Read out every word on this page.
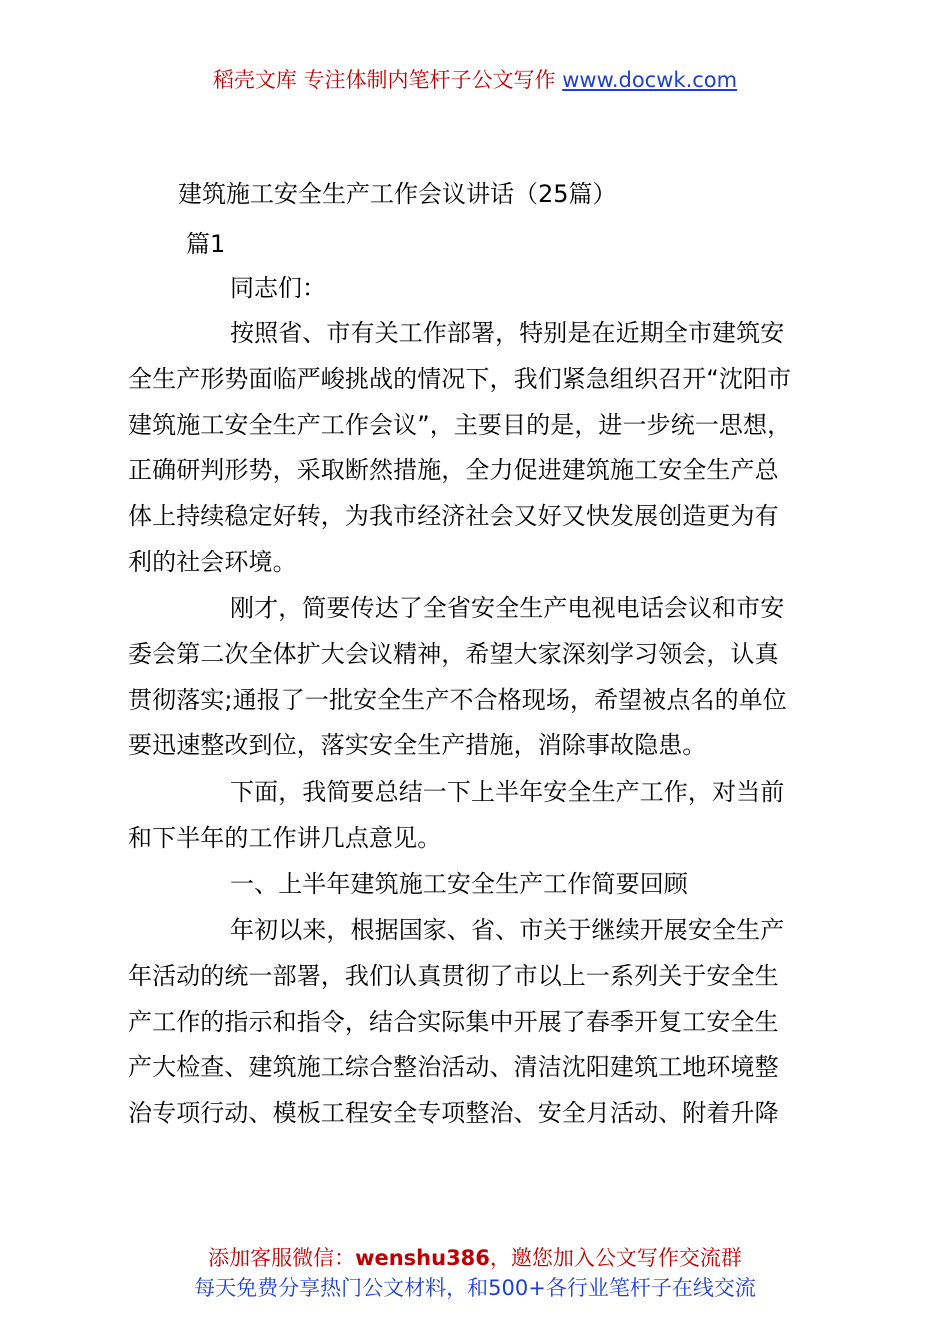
稻壳文库 专注体制内笔杆子公文写作 www.docwk.com
建筑施工安全生产工作会议讲话（25篇）
篇1
同志们：

按照省、市有关工作部署，特别是在近期全市建筑安
全生产形势面临严峻挑战的情况下，我们紧急组织召开“沈阳市
建筑施工安全生产工作会议”，主要目的是，进一步统一思想，
正确研判形势，采取断然措施，全力促进建筑施工安全生产总
体上持续稳定好转，为我市经济社会又好又快发展创造更为有
利的社会环境。

刚才，简要传达了全省安全生产电视电话会议和市安
委会第二次全体扩大会议精神，希望大家深刻学习领会，认真
贯彻落实;通报了一批安全生产不合格现场，希望被点名的单位
要迅速整改到位，落实安全生产措施，消除事故隐患。

下面，我简要总结一下上半年安全生产工作，对当前
和下半年的工作讲几点意见。

一、上半年建筑施工安全生产工作简要回顾

年初以来，根据国家、省、市关于继续开展安全生产
年活动的统一部署，我们认真贯彻了市以上一系列关于安全生
产工作的指示和指令，结合实际集中开展了春季开复工安全生
产大检查、建筑施工综合整治活动、清洁沈阳建筑工地环境整
治专项行动、模板工程安全专项整治、安全月活动、附着升降

添加客服微信：wenshu386，邀您加入公文写作交流群
每天免费分享热门公文材料，和500+各行业笔杆子在线交流
